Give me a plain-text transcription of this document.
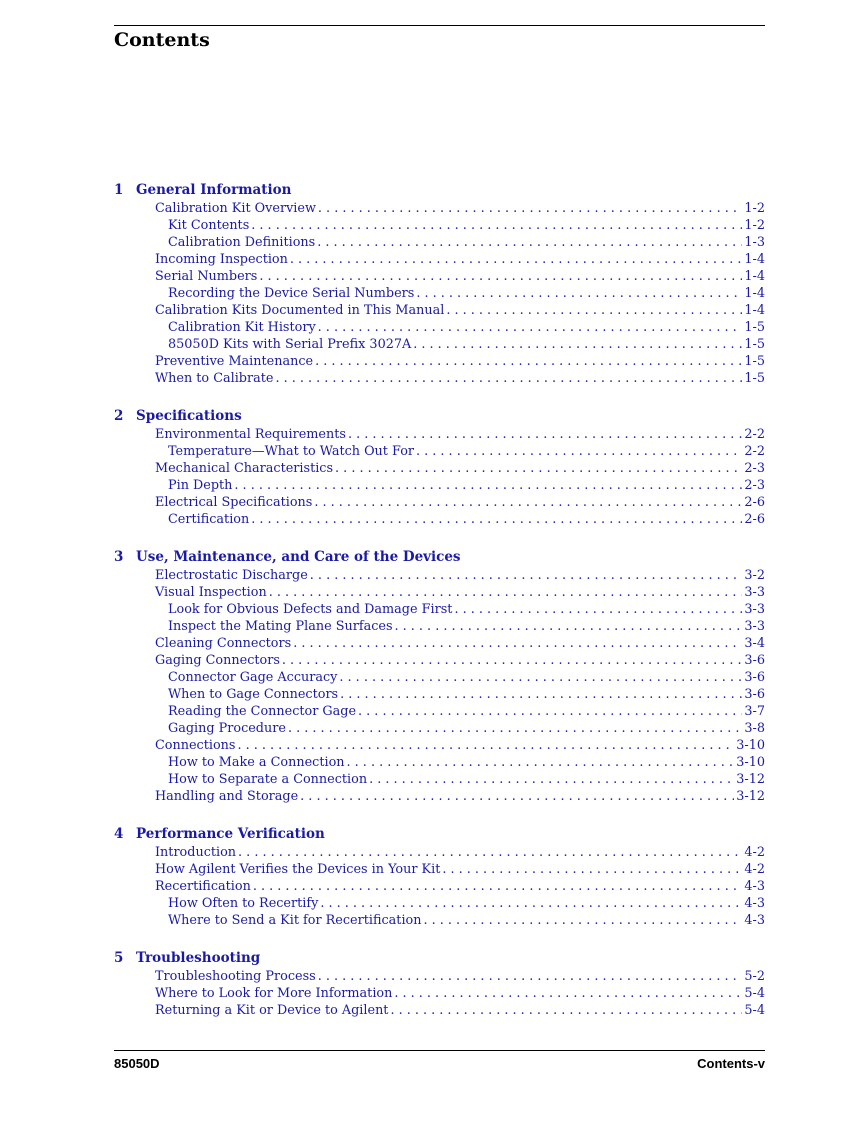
Contents
1 General Information
Calibration Kit Overview . . .	1-2
Kit Contents . . .	1-2
Calibration Definitions . . .	1-3
Incoming Inspection . . .	1-4
Serial Numbers . . .	1-4
Recording the Device Serial Numbers . . .	1-4
Calibration Kits Documented in This Manual . . .	1-4
Calibration Kit History . . .	1-5
85050D Kits with Serial Prefix 3027A . . .	1-5
Preventive Maintenance . . .	1-5
When to Calibrate . . .	1-5
2 Specifications
Environmental Requirements . . .	2-2
Temperature—What to Watch Out For . . .	2-2
Mechanical Characteristics . . .	2-3
Pin Depth . . .	2-3
Electrical Specifications . . .	2-6
Certification . . .	2-6
3 Use, Maintenance, and Care of the Devices
Electrostatic Discharge . . .	3-2
Visual Inspection . . .	3-3
Look for Obvious Defects and Damage First . . .	3-3
Inspect the Mating Plane Surfaces . . .	3-3
Cleaning Connectors . . .	3-4
Gaging Connectors . . .	3-6
Connector Gage Accuracy . . .	3-6
When to Gage Connectors . . .	3-6
Reading the Connector Gage . . .	3-7
Gaging Procedure . . .	3-8
Connections . . .	3-10
How to Make a Connection . . .	3-10
How to Separate a Connection . . .	3-12
Handling and Storage . . .	3-12
4 Performance Verification
Introduction . . .	4-2
How Agilent Verifies the Devices in Your Kit . . .	4-2
Recertification . . .	4-3
How Often to Recertify . . .	4-3
Where to Send a Kit for Recertification . . .	4-3
5 Troubleshooting
Troubleshooting Process . . .	5-2
Where to Look for More Information . . .	5-4
Returning a Kit or Device to Agilent . . .	5-4
85050D	Contents-v
